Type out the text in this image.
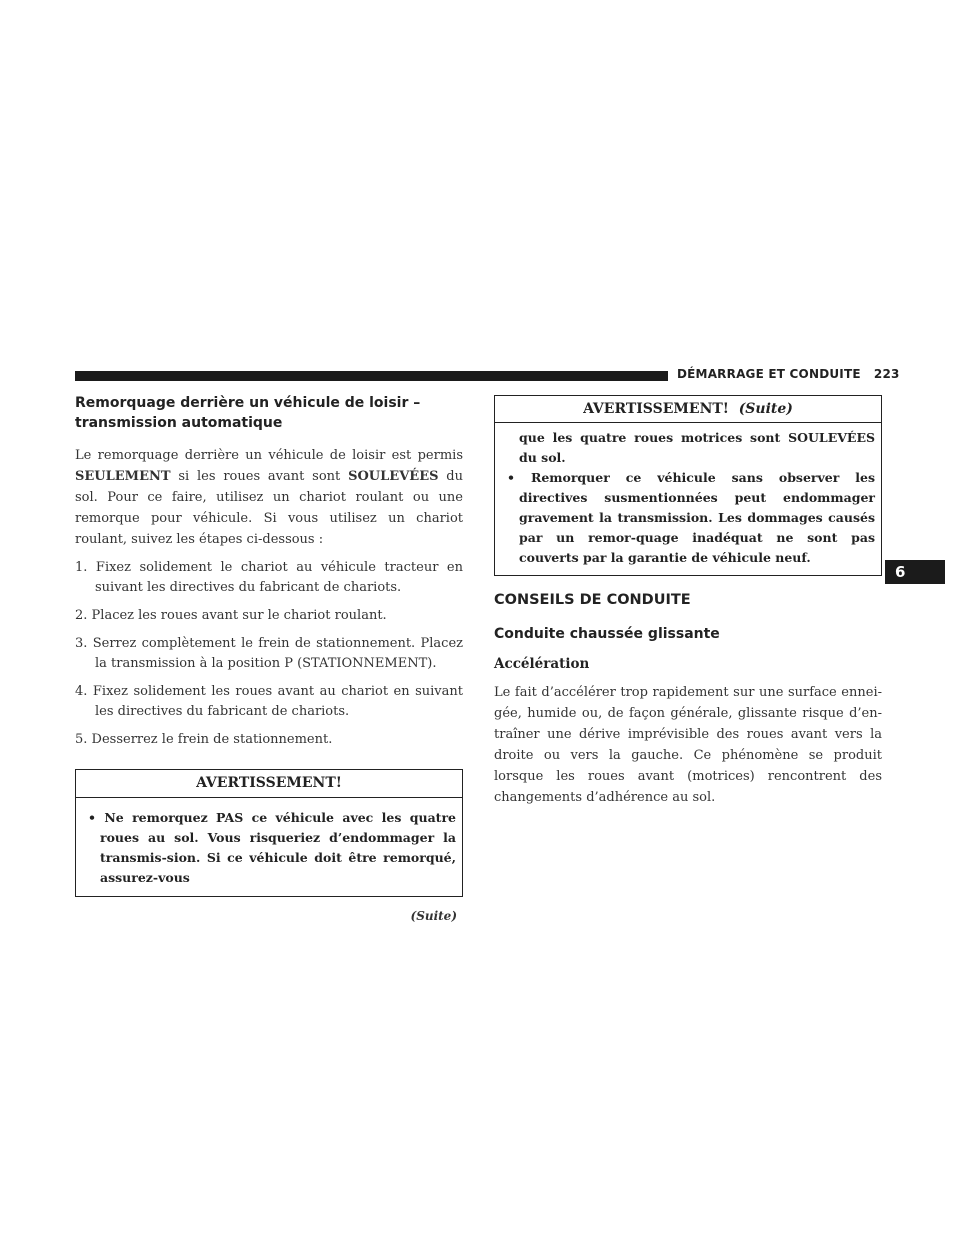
DÉMARRAGE ET CONDUITE 223
6
Remorquage derrière un véhicule de loisir –
transmission automatique

Le remorquage derrière un véhicule de loisir est permis SEULEMENT si les roues avant sont SOULEVÉES du sol. Pour ce faire, utilisez un chariot roulant ou une remorque pour véhicule. Si vous utilisez un chariot roulant, suivez les étapes ci-dessous :

1. Fixez solidement le chariot au véhicule tracteur en suivant les directives du fabricant de chariots.
2. Placez les roues avant sur le chariot roulant.
3. Serrez complètement le frein de stationnement. Placez la transmission à la position P (STATIONNEMENT).
4. Fixez solidement les roues avant au chariot en suivant les directives du fabricant de chariots.
5. Desserrez le frein de stationnement.
AVERTISSEMENT!
• Ne remorquez PAS ce véhicule avec les quatre roues au sol. Vous risqueriez d’endommager la transmis-sion. Si ce véhicule doit être remorqué, assurez-vous
(Suite)
AVERTISSEMENT! (Suite)
que les quatre roues motrices sont SOULEVÉES du sol.
• Remorquer ce véhicule sans observer les directives susmentionnées peut endommager gravement la transmission. Les dommages causés par un remor-quage inadéquat ne sont pas couverts par la garantie de véhicule neuf.
CONSEILS DE CONDUITE
Conduite chaussée glissante
Accélération

Le fait d’accélérer trop rapidement sur une surface ennei-gée, humide ou, de façon générale, glissante risque d’en-traîner une dérive imprévisible des roues avant vers la droite ou vers la gauche. Ce phénomène se produit lorsque les roues avant (motrices) rencontrent des changements d’adhérence au sol.
